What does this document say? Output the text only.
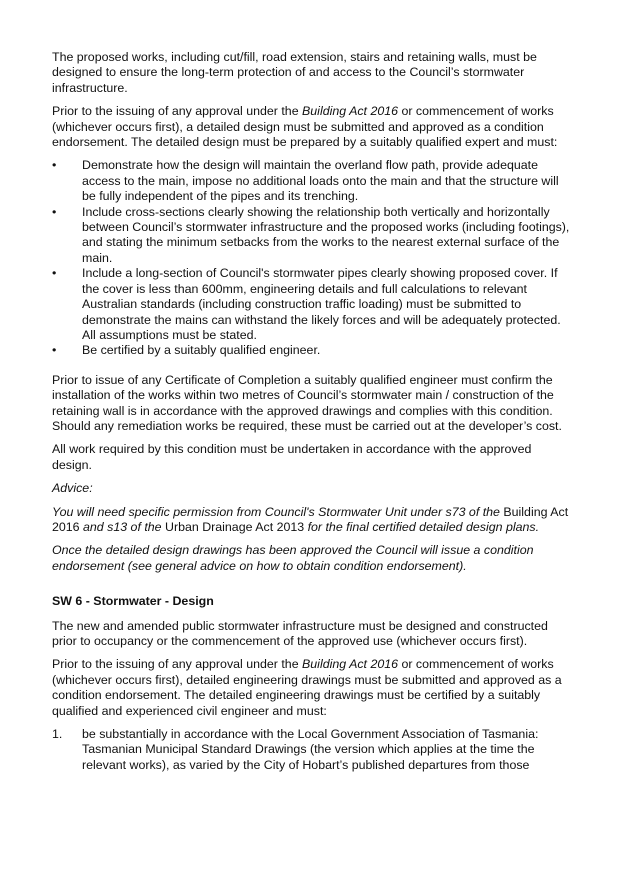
The proposed works, including cut/fill, road extension, stairs and retaining walls, must be designed to ensure the long-term protection of and access to the Council’s stormwater infrastructure.

Prior to the issuing of any approval under the Building Act 2016 or commencement of works (whichever occurs first), a detailed design must be submitted and approved as a condition endorsement. The detailed design must be prepared by a suitably qualified expert and must:

• Demonstrate how the design will maintain the overland flow path, provide adequate access to the main, impose no additional loads onto the main and that the structure will be fully independent of the pipes and its trenching.
• Include cross-sections clearly showing the relationship both vertically and horizontally between Council’s stormwater infrastructure and the proposed works (including footings), and stating the minimum setbacks from the works to the nearest external surface of the main.
• Include a long-section of Council's stormwater pipes clearly showing proposed cover. If the cover is less than 600mm, engineering details and full calculations to relevant Australian standards (including construction traffic loading) must be submitted to demonstrate the mains can withstand the likely forces and will be adequately protected. All assumptions must be stated.
• Be certified by a suitably qualified engineer.

Prior to issue of any Certificate of Completion a suitably qualified engineer must confirm the installation of the works within two metres of Council’s stormwater main / construction of the retaining wall is in accordance with the approved drawings and complies with this condition. Should any remediation works be required, these must be carried out at the developer’s cost.

All work required by this condition must be undertaken in accordance with the approved design.

Advice:

You will need specific permission from Council's Stormwater Unit under s73 of the Building Act 2016 and s13 of the Urban Drainage Act 2013 for the final certified detailed design plans.

Once the detailed design drawings has been approved the Council will issue a condition endorsement (see general advice on how to obtain condition endorsement).

SW 6 - Stormwater - Design

The new and amended public stormwater infrastructure must be designed and constructed prior to occupancy or the commencement of the approved use (whichever occurs first).

Prior to the issuing of any approval under the Building Act 2016 or commencement of works (whichever occurs first), detailed engineering drawings must be submitted and approved as a condition endorsement. The detailed engineering drawings must be certified by a suitably qualified and experienced civil engineer and must:

1. be substantially in accordance with the Local Government Association of Tasmania: Tasmanian Municipal Standard Drawings (the version which applies at the time the relevant works), as varied by the City of Hobart’s published departures from those
